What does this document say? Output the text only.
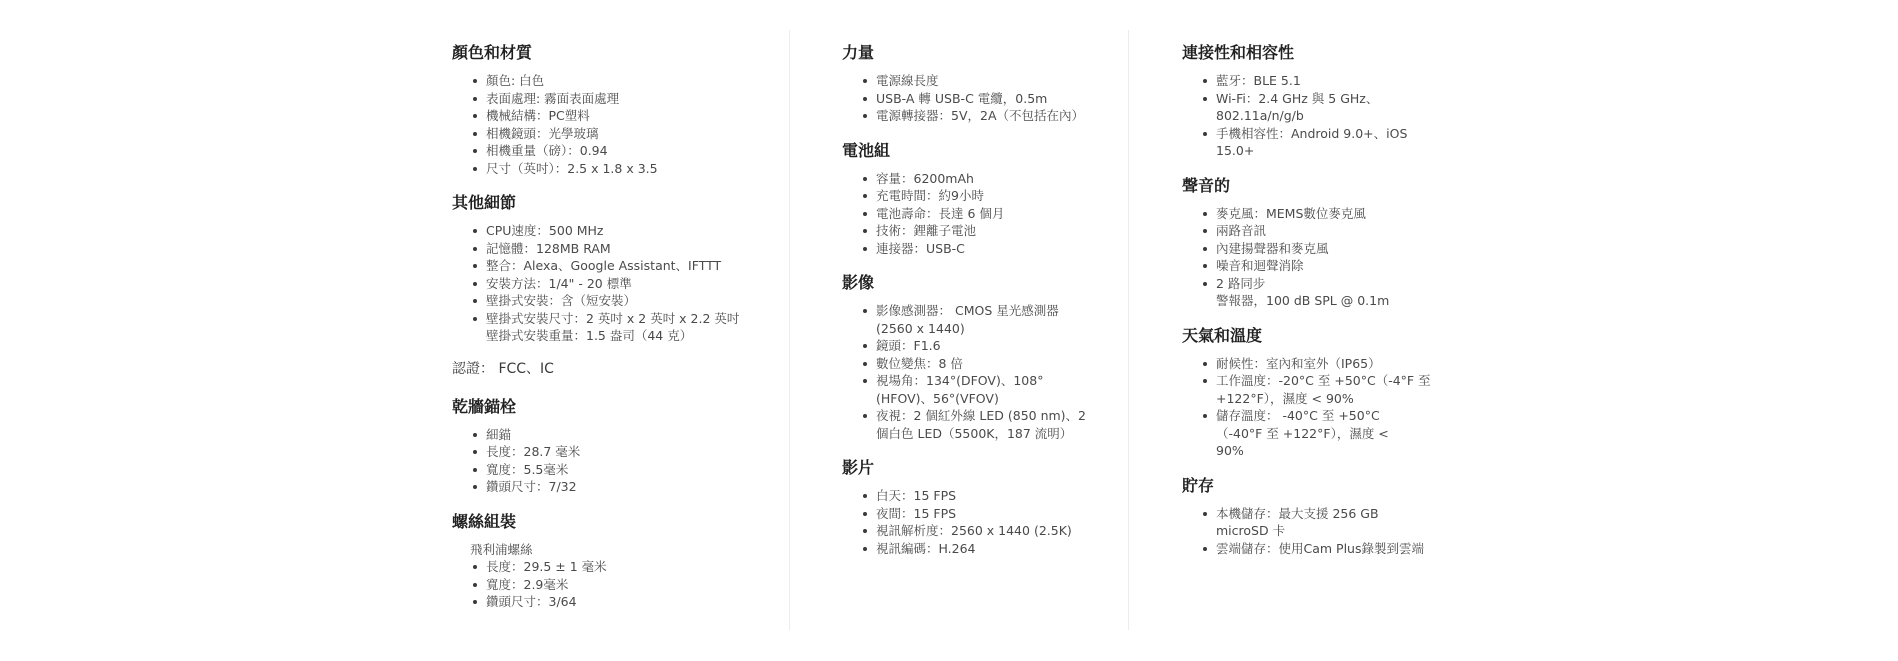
顏色和材質
顏色: 白色
表面處理: 霧面表面處理
機械結構：PC塑料
相機鏡頭：光學玻璃
相機重量（磅）：0.94
尺寸（英吋）：2.5 x 1.8 x 3.5
其他細節
CPU速度：500 MHz
記憶體：128MB RAM
整合：Alexa、Google Assistant、IFTTT
安裝方法：1/4" - 20 標準
壁掛式安裝：含（短安裝）
壁掛式安裝尺寸：2 英吋 x 2 英吋 x 2.2 英吋
壁掛式安裝重量：1.5 盎司（44 克）
認證： FCC、IC
乾牆錨栓
細錨
長度：28.7 毫米
寬度：5.5毫米
鑽頭尺寸：7/32
螺絲組裝
飛利浦螺絲
長度：29.5 ± 1 毫米
寬度：2.9毫米
鑽頭尺寸：3/64
力量
電源線長度
USB-A 轉 USB-C 電纜，0.5m
電源轉接器：5V，2A（不包括在內）
電池組
容量：6200mAh
充電時間：約9小時
電池壽命：長達 6 個月
技術：鋰離子電池
連接器：USB-C
影像
影像感測器： CMOS 星光感測器 (2560 x 1440)
鏡頭：F1.6
數位變焦：8 倍
視場角：134°(DFOV)、108°(HFOV)、56°(VFOV)
夜視：2 個紅外線 LED (850 nm)、2 個白色 LED（5500K，187 流明）
影片
白天：15 FPS
夜間：15 FPS
視訊解析度：2560 x 1440 (2.5K)
視訊編碼：H.264
連接性和相容性
藍牙：BLE 5.1
Wi-Fi：2.4 GHz 與 5 GHz、802.11a/n/g/b
手機相容性：Android 9.0+、iOS 15.0+
聲音的
麥克風：MEMS數位麥克風
兩路音訊
內建揚聲器和麥克風
噪音和迴聲消除
2 路同步
警報器，100 dB SPL @ 0.1m
天氣和溫度
耐候性：室內和室外（IP65）
工作溫度：-20°C 至 +50°C（-4°F 至 +122°F），濕度 < 90%
儲存溫度： -40°C 至 +50°C（-40°F 至 +122°F），濕度 < 90%
貯存
本機儲存：最大支援 256 GB microSD 卡
雲端儲存：使用Cam Plus錄製到雲端
